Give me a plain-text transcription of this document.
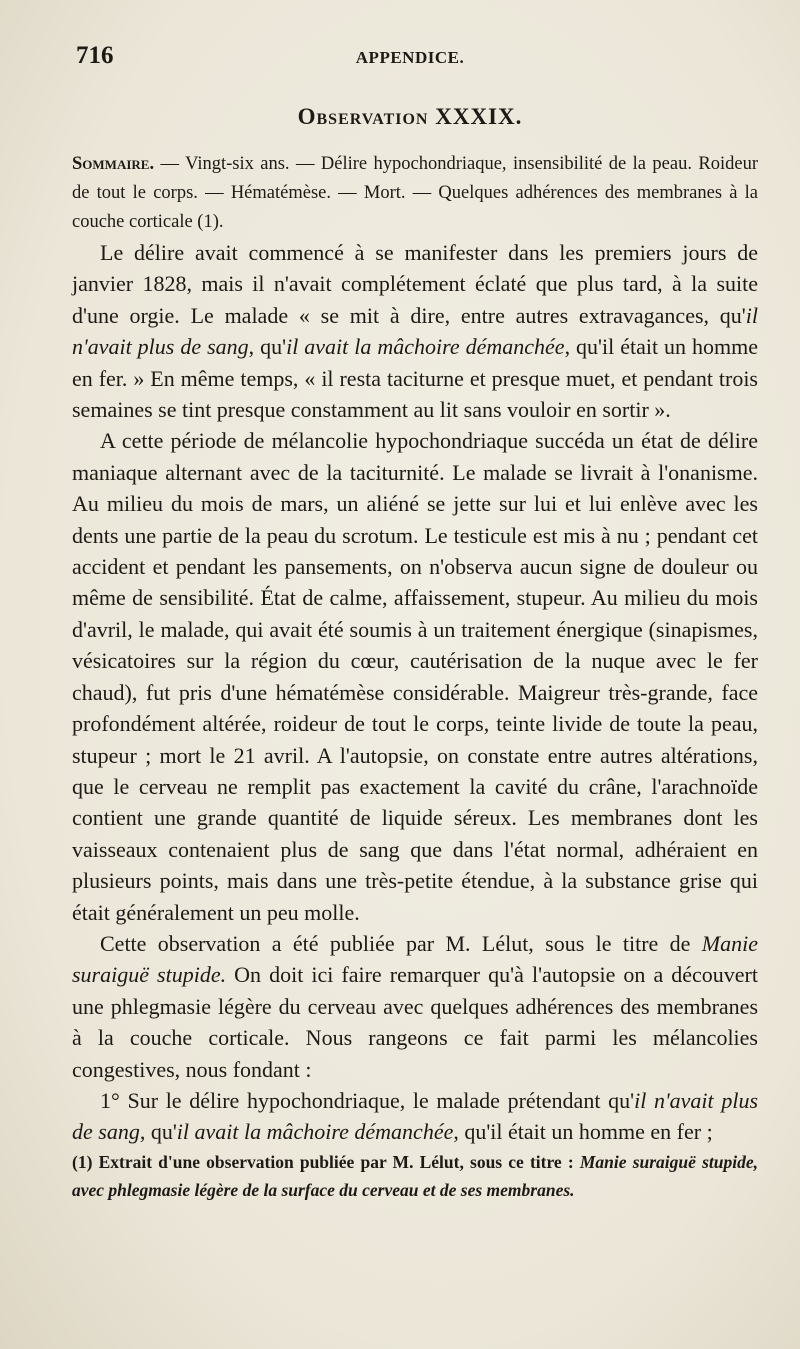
716	APPENDICE.
Observation XXXIX.

Sommaire. — Vingt-six ans. — Délire hypochondriaque, insensibilité de la peau. Roideur de tout le corps. — Hématémèse. — Mort. — Quelques adhérences des membranes à la couche corticale (1).

Le délire avait commencé à se manifester dans les premiers jours de janvier 1828, mais il n'avait complétement éclaté que plus tard, à la suite d'une orgie. Le malade « se mit à dire, entre autres extravagances, qu'il n'avait plus de sang, qu'il avait la mâchoire démanchée, qu'il était un homme en fer. » En même temps, « il resta taciturne et presque muet, et pendant trois semaines se tint presque constamment au lit sans vouloir en sortir ».

A cette période de mélancolie hypochondriaque succéda un état de délire maniaque alternant avec de la taciturnité. Le malade se livrait à l'onanisme. Au milieu du mois de mars, un aliéné se jette sur lui et lui enlève avec les dents une partie de la peau du scrotum. Le testicule est mis à nu ; pendant cet accident et pendant les pansements, on n'observa aucun signe de douleur ou même de sensibilité. État de calme, affaissement, stupeur. Au milieu du mois d'avril, le malade, qui avait été soumis à un traitement énergique (sinapismes, vésicatoires sur la région du cœur, cautérisation de la nuque avec le fer chaud), fut pris d'une hématémèse considérable. Maigreur très-grande, face profondément altérée, roideur de tout le corps, teinte livide de toute la peau, stupeur ; mort le 21 avril. A l'autopsie, on constate entre autres altérations, que le cerveau ne remplit pas exactement la cavité du crâne, l'arachnoïde contient une grande quantité de liquide séreux. Les membranes dont les vaisseaux contenaient plus de sang que dans l'état normal, adhéraient en plusieurs points, mais dans une très-petite étendue, à la substance grise qui était généralement un peu molle.

Cette observation a été publiée par M. Lélut, sous le titre de Manie suraiguë stupide. On doit ici faire remarquer qu'à l'autopsie on a découvert une phlegmasie légère du cerveau avec quelques adhérences des membranes à la couche corticale. Nous rangeons ce fait parmi les mélancolies congestives, nous fondant :

1° Sur le délire hypochondriaque, le malade prétendant qu'il n'avait plus de sang, qu'il avait la mâchoire démanchée, qu'il était un homme en fer ;

(1) Extrait d'une observation publiée par M. Lélut, sous ce titre : Manie suraiguë stupide, avec phlegmasie légère de la surface du cerveau et de ses membranes.
